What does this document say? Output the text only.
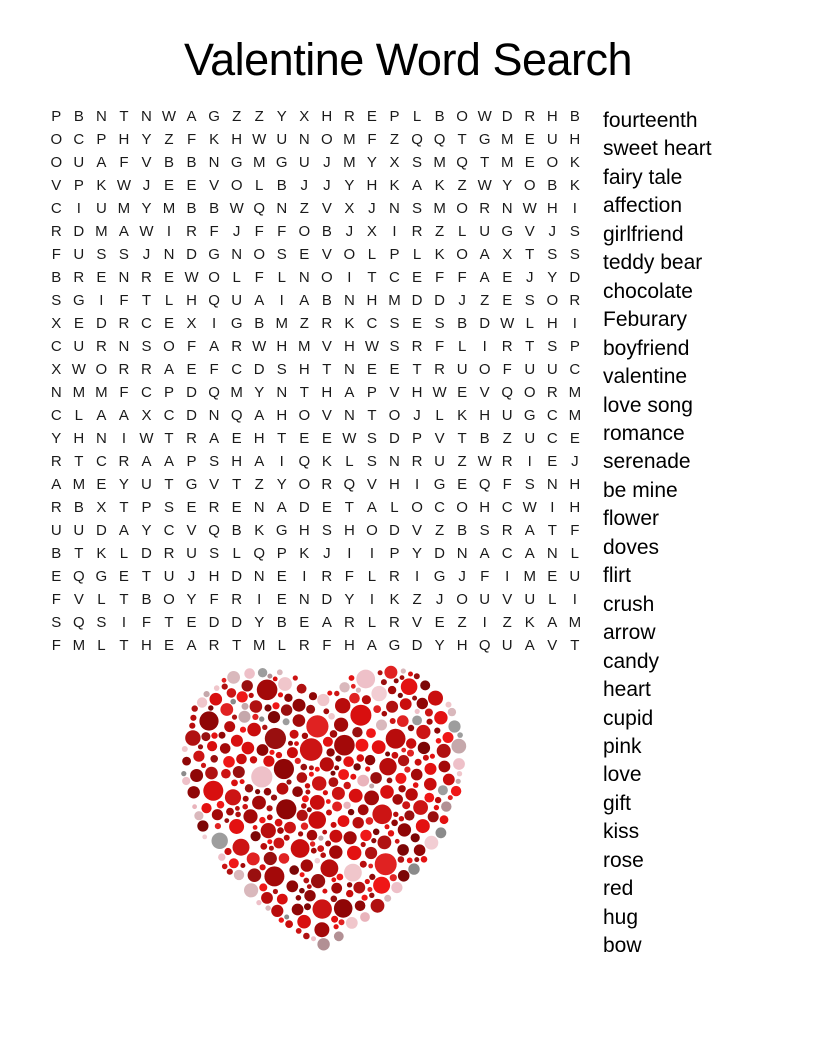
Valentine Word Search
P B N T N W A G Z Z Y X H R E P L B O W D R H B
O C P H Y Z F K H W U N O M F Z Q Q T G M E U H
O U A F V B B N G M G U J M Y X S M Q T M E O K
V P K W J E E V O L B J	J Y H K A K Z W Y O B K
C	I	U M Y M B B W Q N Z V X J N S M O R N W H	I
R D M A W I	R F J F F O B J X	I	R Z L U G V J S
F U S S J N D G N O S E V O L P L K O A X T S S
B R E N R E W O L F L N O I	T C E F F A E J Y D
S G I	F T L H Q U A	I	A B N H M D D J Z E S O R
X E D R C E X	I G B M Z R K C S E S B D W L H	I
C U R N S O F A R W H M V H W S R F L	I	R T S P
X W O R R A E F C D S H T N E E T R U O F U U C
N M M F C P D Q M Y N T H A P V H W E V Q O R M
C L A A X C D N Q A H O V N T O J L K H U G C M
Y H N	I W T R A E H T E E W S D P V T B Z U C E
R T C R A A P S H A	I Q K L S N R U Z W R	I	E J
A M E Y U T G V T Z Y O R Q V H	I G E Q F S N H
R B X T P S E R E N A D E T A L O C O H C W I	H
U U D A Y C V Q B K G H S H O D V Z B S R A T F
B T K L D R U S L Q P K J	I	I	P Y D N A C A N L
E Q G E T U J H D N E	I	R F L R	I G J F	I M E U
F V L T B O Y F R	I	E N D Y	I	K Z J O U V U L	I
S Q S	I	F T E D D Y B E A R L R V E Z	I	Z K A M
F M L T H E A R T M L R F H A G D Y H Q U A V T
fourteenth
sweet heart
fairy tale
affection
girlfriend
teddy bear
chocolate
Feburary
boyfriend
valentine
love song
romance
serenade
be mine
flower
doves
flirt
crush
arrow
candy
heart
cupid
pink
love
gift
kiss
rose
red
hug
bow
